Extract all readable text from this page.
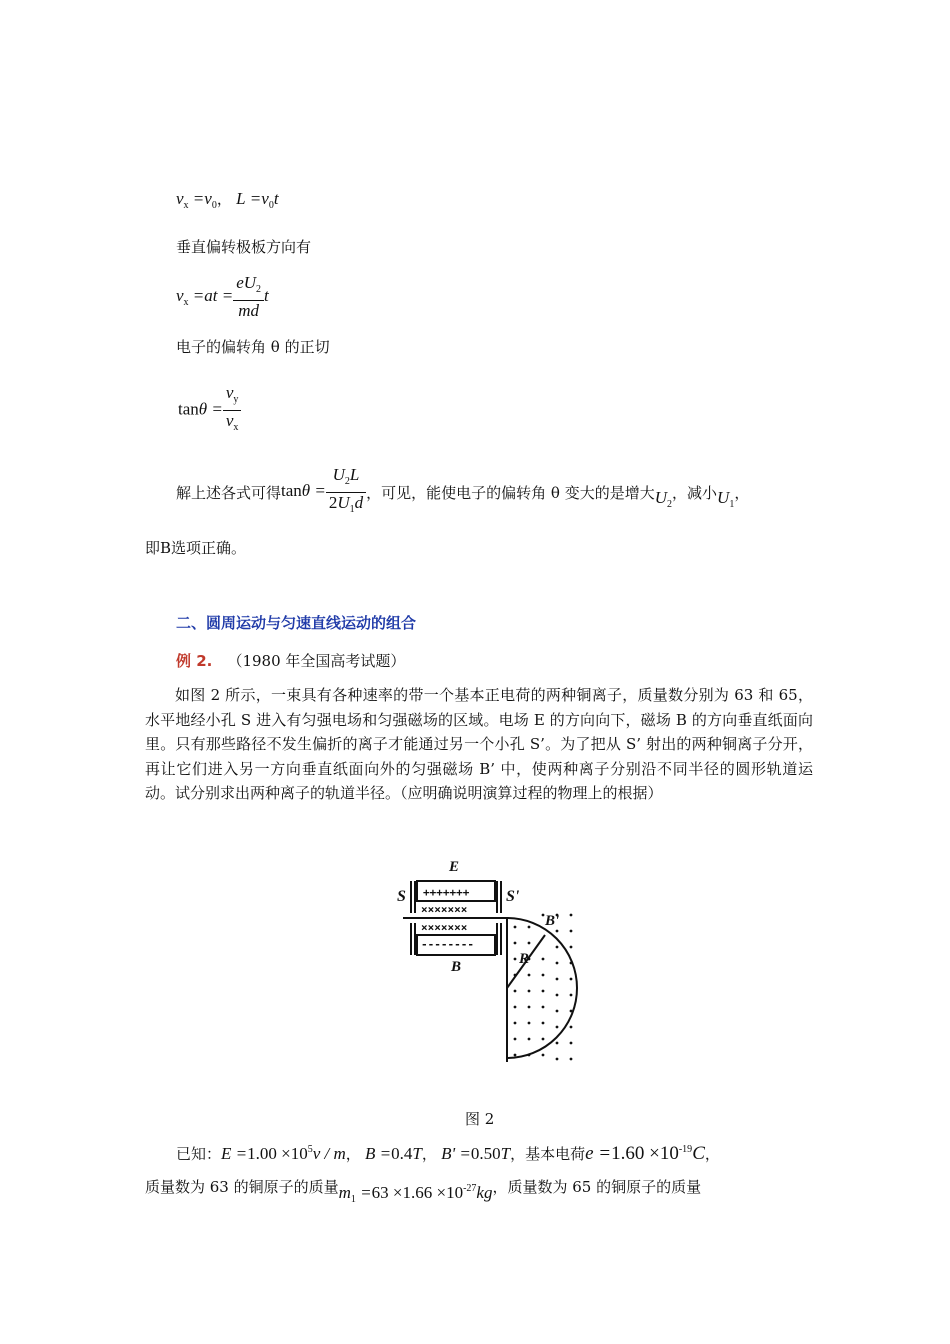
$v_x =v_0$， $L =v_0t$
垂直偏转极板方向有
$v_x =at = \frac{eU_2}{md}$ t
电子的偏转角 θ 的正切
$\tan\theta = \frac{v_y}{v_x}$
解上述各式可得$\tan\theta = \frac{U_2L}{2U_1d}$ ，可见，能使电子的偏转角 θ 变大的是增大$U_2$，减小$U_1$，
即B选项正确。
二、圆周运动与匀速直线运动的组合
例 2. （1980 年全国高考试题）
如图 2 所示，一束具有各种速率的带一个基本正电荷的两种铜离子，质量数分别为 63 和 65，水平地经小孔 S 进入有匀强电场和匀强磁场的区域。电场 E 的方向向下，磁场 B 的方向垂直纸面向里。只有那些路径不发生偏折的离子才能通过另一个小孔 S’。为了把从 S’ 射出的两种铜离子分开，再让它们进入另一方向垂直纸面向外的匀强磁场 B’ 中，使两种离子分别沿不同半径的圆形轨道运动。试分别求出两种离子的轨道半径。（应明确说明演算过程的物理上的根据）
E
B
S	S'
B'
R
+++++++
×××××××
×××××××
--------
图 2
已知：$E =1.00 \times 10^5v / m$， B =0.4T， B' =0.50T，基本电荷$e =1.60 \times 10^{-19}C$，
质量数为 63 的铜原子的质量$m_1 =63 \times 1.66 \times 10^{-27}kg$，质量数为 65 的铜原子的质量
